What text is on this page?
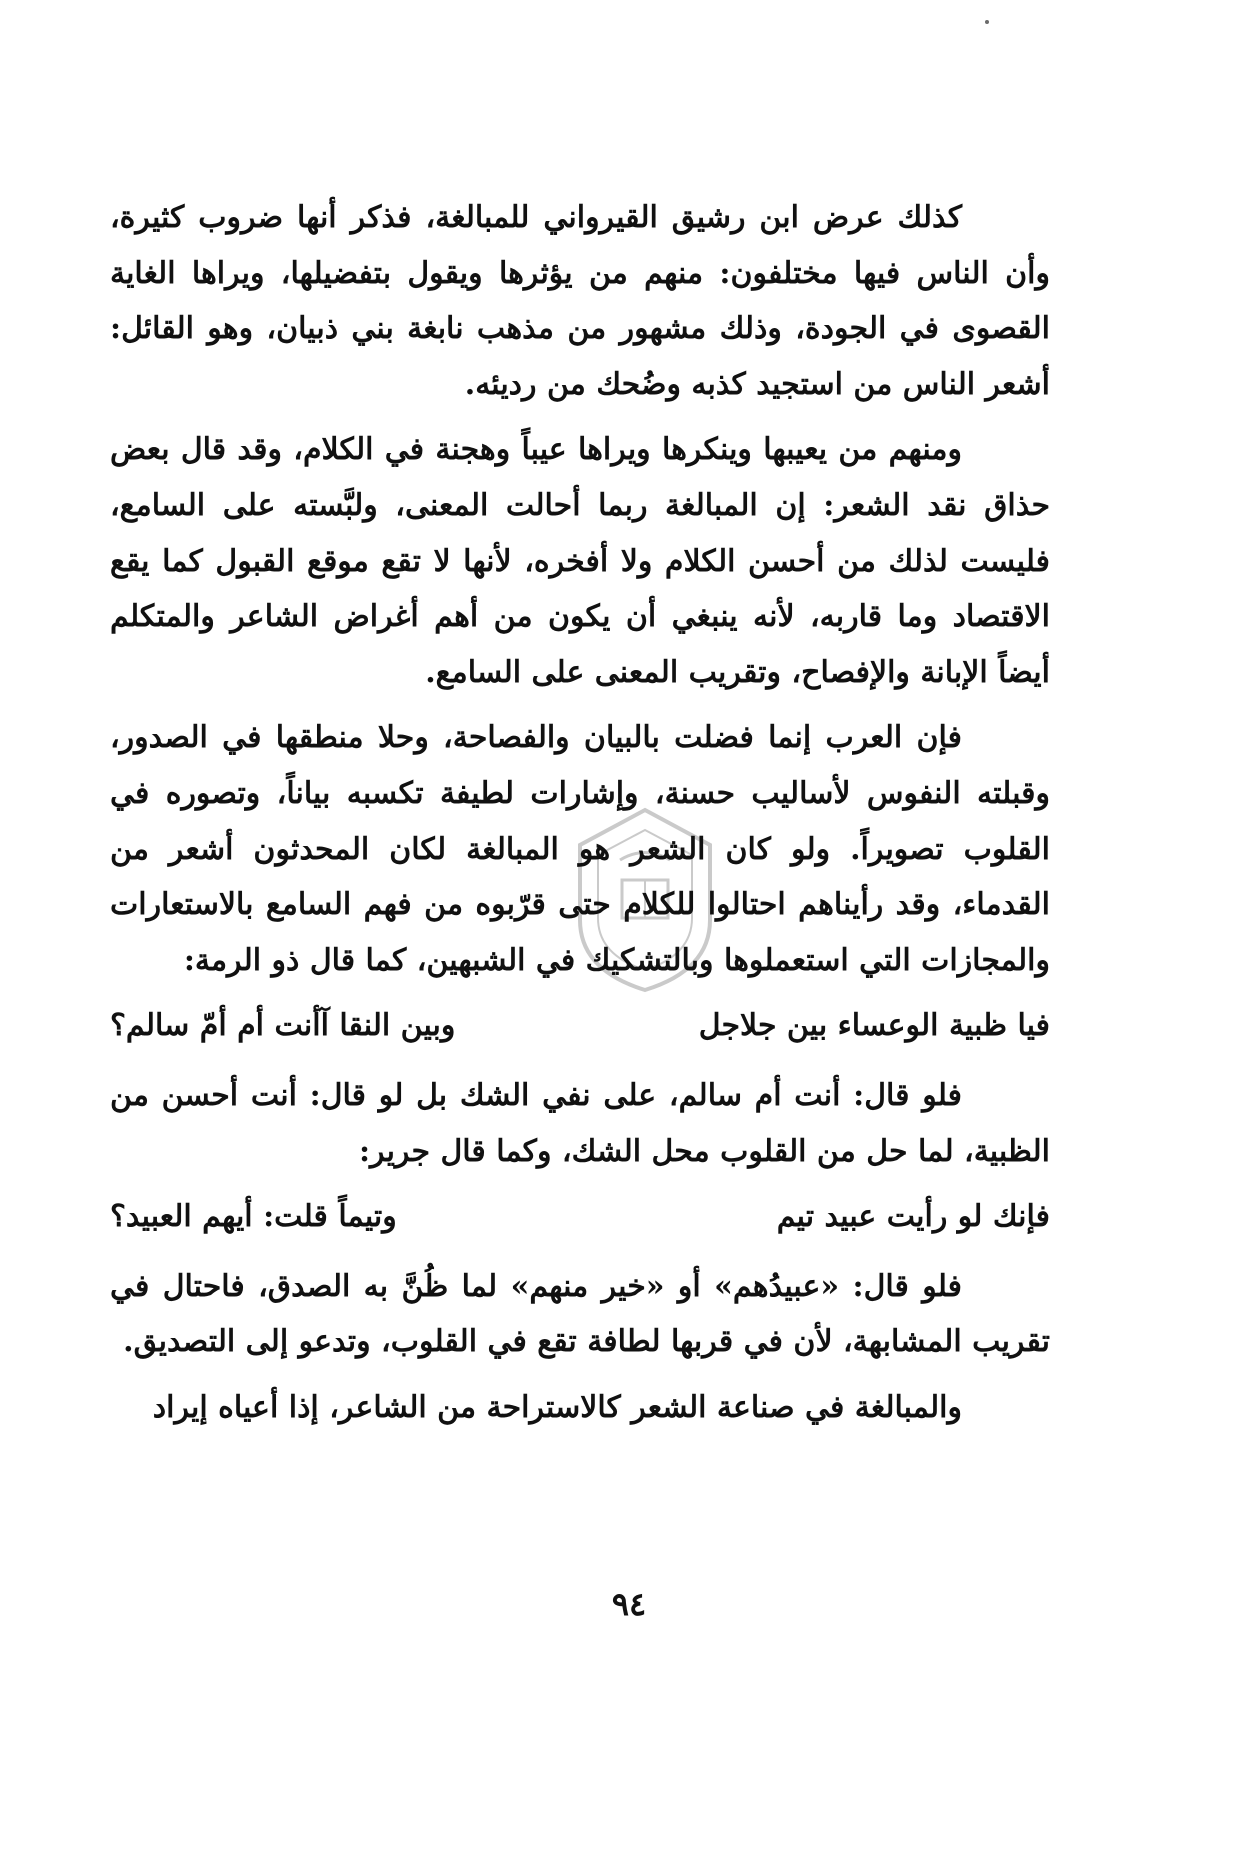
كذلك عرض ابن رشيق القيرواني للمبالغة، فذكر أنها ضروب كثيرة، وأن الناس فيها مختلفون: منهم من يؤثرها ويقول بتفضيلها، ويراها الغاية القصوى في الجودة، وذلك مشهور من مذهب نابغة بني ذبيان، وهو القائل: أشعر الناس من استجيد كذبه وضُحك من رديئه.

ومنهم من يعيبها وينكرها ويراها عيباً وهجنة في الكلام، وقد قال بعض حذاق نقد الشعر: إن المبالغة ربما أحالت المعنى، ولبَّسته على السامع، فليست لذلك من أحسن الكلام ولا أفخره، لأنها لا تقع موقع القبول كما يقع الاقتصاد وما قاربه، لأنه ينبغي أن يكون من أهم أغراض الشاعر والمتكلم أيضاً الإبانة والإفصاح، وتقريب المعنى على السامع.

فإن العرب إنما فضلت بالبيان والفصاحة، وحلا منطقها في الصدور، وقبلته النفوس لأساليب حسنة، وإشارات لطيفة تكسبه بياناً، وتصوره في القلوب تصويراً. ولو كان الشعر هو المبالغة لكان المحدثون أشعر من القدماء، وقد رأيناهم احتالوا للكلام حتى قرّبوه من فهم السامع بالاستعارات والمجازات التي استعملوها وبالتشكيك في الشبهين، كما قال ذو الرمة:

فيا ظبية الوعساء بين جلاجل
وبين النقا آأنت أم أمّ سالم؟

فلو قال: أنت أم سالم، على نفي الشك بل لو قال: أنت أحسن من الظبية، لما حل من القلوب محل الشك، وكما قال جرير:

فإنك لو رأيت عبيد تيم
وتيماً قلت: أيهم العبيد؟

فلو قال: «عبيدُهم» أو «خير منهم» لما ظُنَّ به الصدق، فاحتال في تقريب المشابهة، لأن في قربها لطافة تقع في القلوب، وتدعو إلى التصديق.

والمبالغة في صناعة الشعر كالاستراحة من الشاعر، إذا أعياه إيراد

٩٤
